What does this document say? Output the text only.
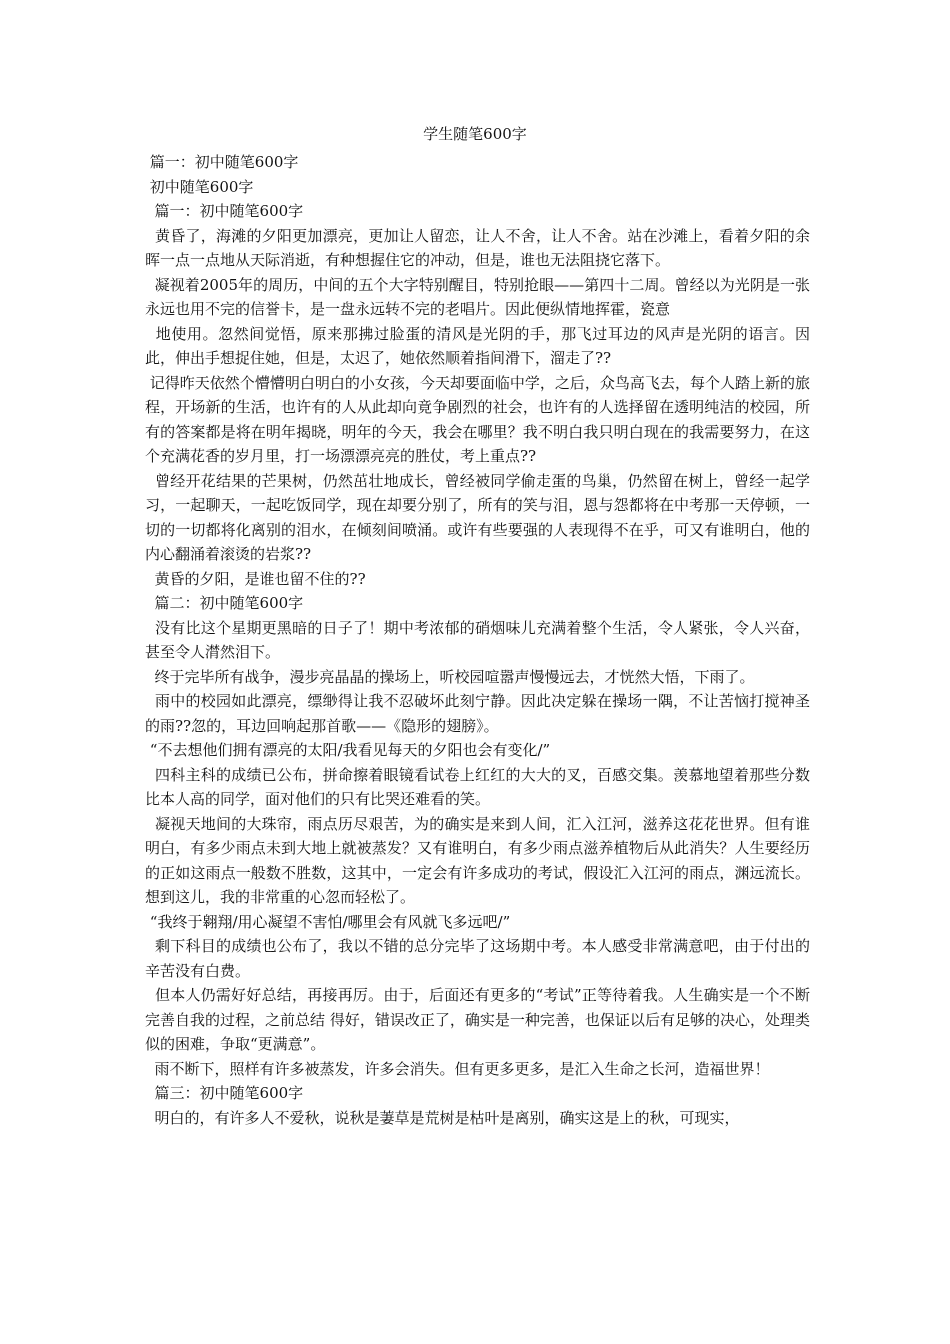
学生随笔600字

篇一：初中随笔600字

初中随笔600字

篇一：初中随笔600字

黄昏了，海滩的夕阳更加漂亮，更加让人留恋，让人不舍，让人不舍。站在沙滩上，看着夕阳的余晖一点一点地从天际消逝，有种想握住它的冲动，但是，谁也无法阻挠它落下。

凝视着2005年的周历，中间的五个大字特别醒目，特别抢眼——第四十二周。曾经以为光阴是一张永远也用不完的信誉卡，是一盘永远转不完的老唱片。因此便纵情地挥霍，瓷意

地使用。忽然间觉悟，原来那拂过脸蛋的清风是光阴的手，那飞过耳边的风声是光阴的语言。因此，伸出手想捉住她，但是，太迟了，她依然顺着指间滑下，溜走了??

记得昨天依然个懵懵明白明白的小女孩，今天却要面临中学，之后，众鸟高飞去，每个人踏上新的旅程，开场新的生活，也许有的人从此却向竟争剧烈的社会，也许有的人选择留在透明纯洁的校园，所有的答案都是将在明年揭晓，明年的今天，我会在哪里？我不明白我只明白现在的我需要努力，在这个充满花香的岁月里，打一场漂漂亮亮的胜仗，考上重点??

曾经开花结果的芒果树，仍然茁壮地成长，曾经被同学偷走蛋的鸟巢，仍然留在树上，曾经一起学习，一起聊天，一起吃饭同学，现在却要分别了，所有的笑与泪，恩与怨都将在中考那一天停顿，一切的一切都将化离别的泪水，在倾刻间喷涌。或许有些要强的人表现得不在乎，可又有谁明白，他的内心翻涌着滚烫的岩浆??

黄昏的夕阳，是谁也留不住的??

篇二：初中随笔600字

没有比这个星期更黑暗的日子了！期中考浓郁的硝烟味儿充满着整个生活，令人紧张，令人兴奋，甚至令人潸然泪下。

终于完毕所有战争，漫步亮晶晶的操场上，听校园喧嚣声慢慢远去，才恍然大悟，下雨了。

雨中的校园如此漂亮，缥缈得让我不忍破坏此刻宁静。因此决定躲在操场一隅，不让苦恼打搅神圣的雨??忽的，耳边回响起那首歌——《隐形的翅膀》。

“不去想他们拥有漂亮的太阳/我看见每天的夕阳也会有变化/”

四科主科的成绩已公布，拼命擦着眼镜看试卷上红红的大大的叉，百感交集。羡慕地望着那些分数比本人高的同学，面对他们的只有比哭还难看的笑。

凝视天地间的大珠帘，雨点历尽艰苦，为的确实是来到人间，汇入江河，滋养这花花世界。但有谁明白，有多少雨点未到大地上就被蒸发？又有谁明白，有多少雨点滋养植物后从此消失？人生要经历的正如这雨点一般数不胜数，这其中，一定会有许多成功的考试，假设汇入江河的雨点，渊远流长。想到这儿，我的非常重的心忽而轻松了。

“我终于翱翔/用心凝望不害怕/哪里会有风就飞多远吧/”

剩下科目的成绩也公布了，我以不错的总分完毕了这场期中考。本人感受非常满意吧，由于付出的辛苦没有白费。

但本人仍需好好总结，再接再厉。由于，后面还有更多的“考试”正等待着我。人生确实是一个不断完善自我的过程，之前总结 得好，错误改正了，确实是一种完善，也保证以后有足够的决心，处理类似的困难，争取“更满意”。

雨不断下，照样有许多被蒸发，许多会消失。但有更多更多，是汇入生命之长河，造福世界！

篇三：初中随笔600字

明白的，有许多人不爱秋，说秋是萋草是荒树是枯叶是离别，确实这是上的秋，可现实，
